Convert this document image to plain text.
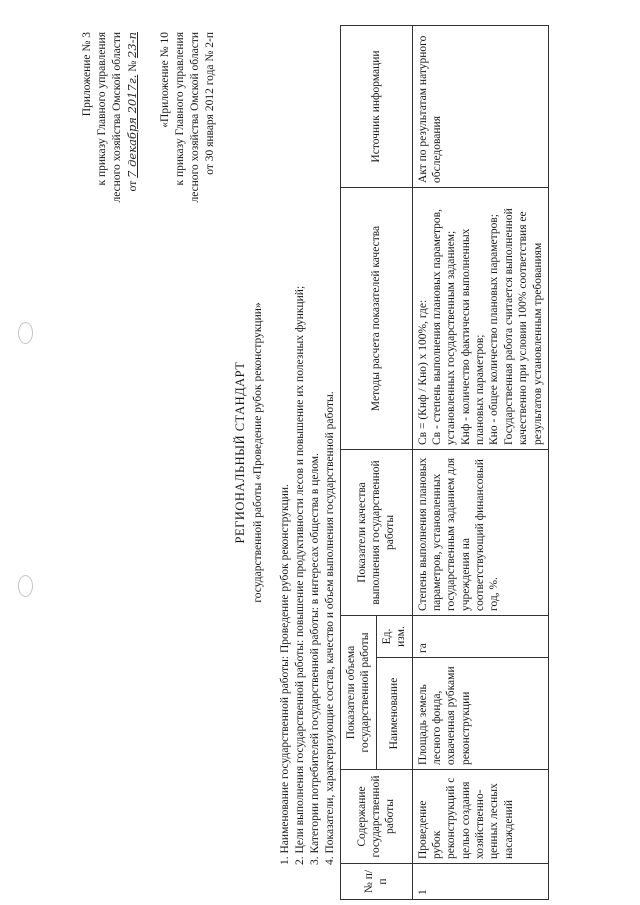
Приложение № 3 к приказу Главного управления лесного хозяйства Омской области от 7 декабря 2017г. № 23-п «Приложение № 10 к приказу Главного управления лесного хозяйства Омской области от 30 января 2012 года № 2-п
РЕГИОНАЛЬНЫЙ СТАНДАРТ государственной работы «Проведение рубок реконструкции»
1. Наименование государственной работы: Проведение рубок реконструкции. 2. Цели выполнения государственной работы: повышение продуктивности лесов и повышение их полезных функций; 3. Категории потребителей государственной работы: в интересах общества в целом. 4. Показатели, характеризующие состав, качество и объем выполнения государственной работы.
№ п/п	Содержание государственной работы	Показатели объема государственной работы		Показатели качества выполнения государственной работы	Методы расчета показателей качества	Источник информации
		Наименование	Ед. изм.			
1	Проведение рубок реконструкций с целью создания хозяйственно-ценных лесных насаждений	Площадь земель лесного фонда, охваченная рубками реконструкции	га	Степень выполнения плановых параметров, установленных государственным заданием для учреждения на соответствующий финансовый год, %.	Св = (Кнф / Кно) х 100%, где: Св - степень выполнения плановых параметров, установленных государственным заданием; Кнф - количество фактически выполненных плановых параметров; Кно - общее количество плановых параметров; Государственная работа считается выполненной качественно при условии 100% соответствия ее результатов установленным требованиям	Акт по результатам натурного обследования
